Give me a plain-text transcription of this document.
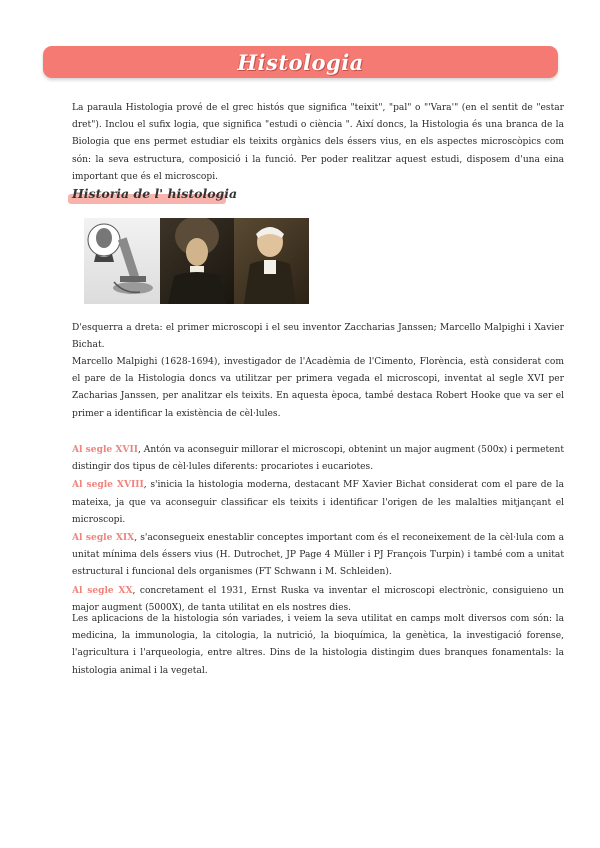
Histologia

La paraula Histologia prové de el grec histós que significa "teixit", "pal" o "'Vara'" (en el sentit de "estar dret"). Inclou el sufix logia, que significa "estudi o ciència ". Així doncs, la Histologia és una branca de la Biologia que ens permet estudiar els teixits orgànics dels éssers vius, en els aspectes microscòpics com són: la seva estructura, composició i la funció. Per poder realitzar aquest estudi, disposem d'una eina important que és el microscopi.

Historia de l' histologia

D'esquerra a dreta: el primer microscopi i el seu inventor Zaccharias Janssen; Marcello Malpighi i Xavier Bichat.

Marcello Malpighi (1628-1694), investigador de l'Acadèmia de l'Cimento, Florència, està considerat com el pare de la Histologia doncs va utilitzar per primera vegada el microscopi, inventat al segle XVI per Zacharias Janssen, per analitzar els teixits. En aquesta època, també destaca Robert Hooke que va ser el primer a identificar la existència de cèl·lules.

Al segle XVII, Antón va aconseguir millorar el microscopi, obtenint un major augment (500x) i permetent distingir dos tipus de cèl·lules diferents: procariotes i eucariotes.
Al segle XVIII, s'inicia la histologia moderna, destacant MF Xavier Bichat considerat com el pare de la mateixa, ja que va aconseguir classificar els teixits i identificar l'origen de les malalties mitjançant el microscopi.
Al segle XIX, s'aconsegueix enestablir conceptes important com és el reconeixement de la cèl·lula com a unitat mínima dels éssers vius (H. Dutrochet, JP Page 4 Müller i PJ François Turpin) i també com a unitat estructural i funcional dels organismes (FT Schwann i M. Schleiden).
Al segle XX, concretament el 1931, Ernst Ruska va inventar el microscopi electrònic, consiguieno un major augment (5000X), de tanta utilitat en els nostres dies.

Les aplicacions de la histologia són variades, i veiem la seva utilitat en camps molt diversos com són: la medicina, la immunologia, la citologia, la nutrició, la bioquímica, la genètica, la investigació forense, l'agricultura i l'arqueologia, entre altres. Dins de la histologia distingim dues branques fonamentals: la histologia animal i la vegetal.
